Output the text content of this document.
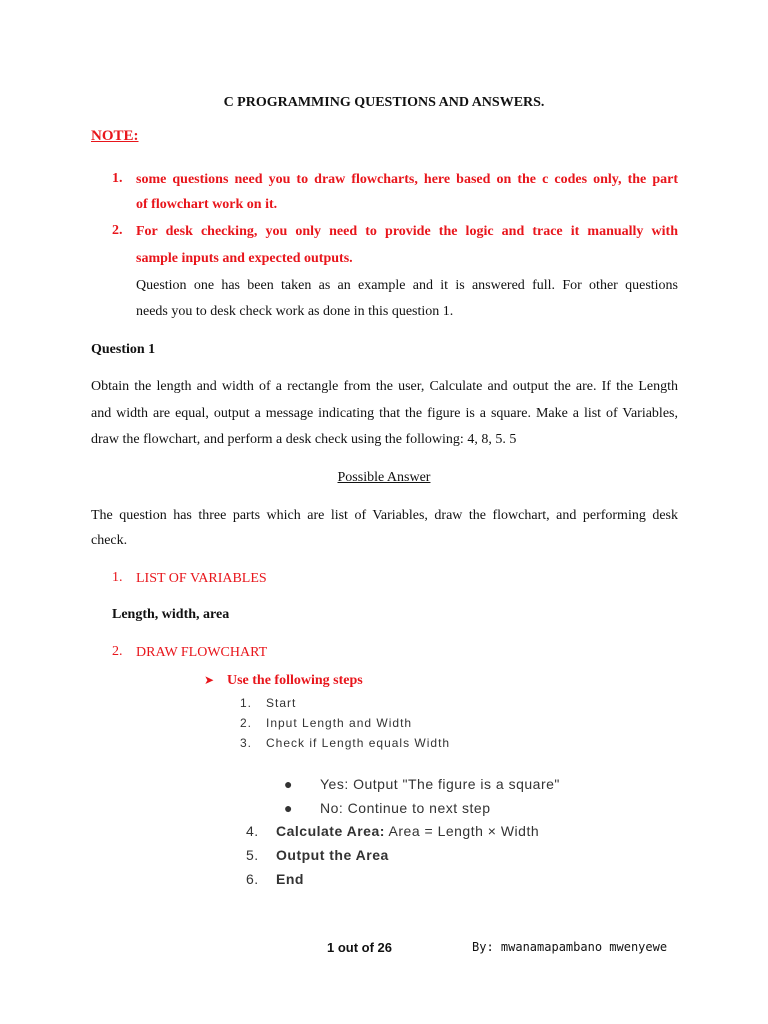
C PROGRAMMING QUESTIONS AND ANSWERS.
NOTE:
1. some questions need you to draw flowcharts, here based on the c codes only, the part
of flowchart work on it.
2. For desk checking, you only need to provide the logic and trace it manually with
sample inputs and expected outputs.
Question one has been taken as an example and it is answered full. For other questions
needs you to desk check work as done in this question 1.
Question 1
Obtain the length and width of a rectangle from the user, Calculate and output the are. If the Length
and width are equal, output a message indicating that the figure is a square. Make a list of Variables,
draw the flowchart, and perform a desk check using the following: 4, 8, 5. 5
Possible Answer
The question has three parts which are list of Variables, draw the flowchart, and performing desk
check.
1. LIST OF VARIABLES
Length, width, area
2. DRAW FLOWCHART
➤ Use the following steps
1. Start
2. Input Length and Width
3. Check if Length equals Width
● Yes: Output "The figure is a square"
● No: Continue to next step
4. Calculate Area: Area = Length × Width
5. Output the Area
6. End
1 out of 26	By: mwanamapambano mwenyewe
